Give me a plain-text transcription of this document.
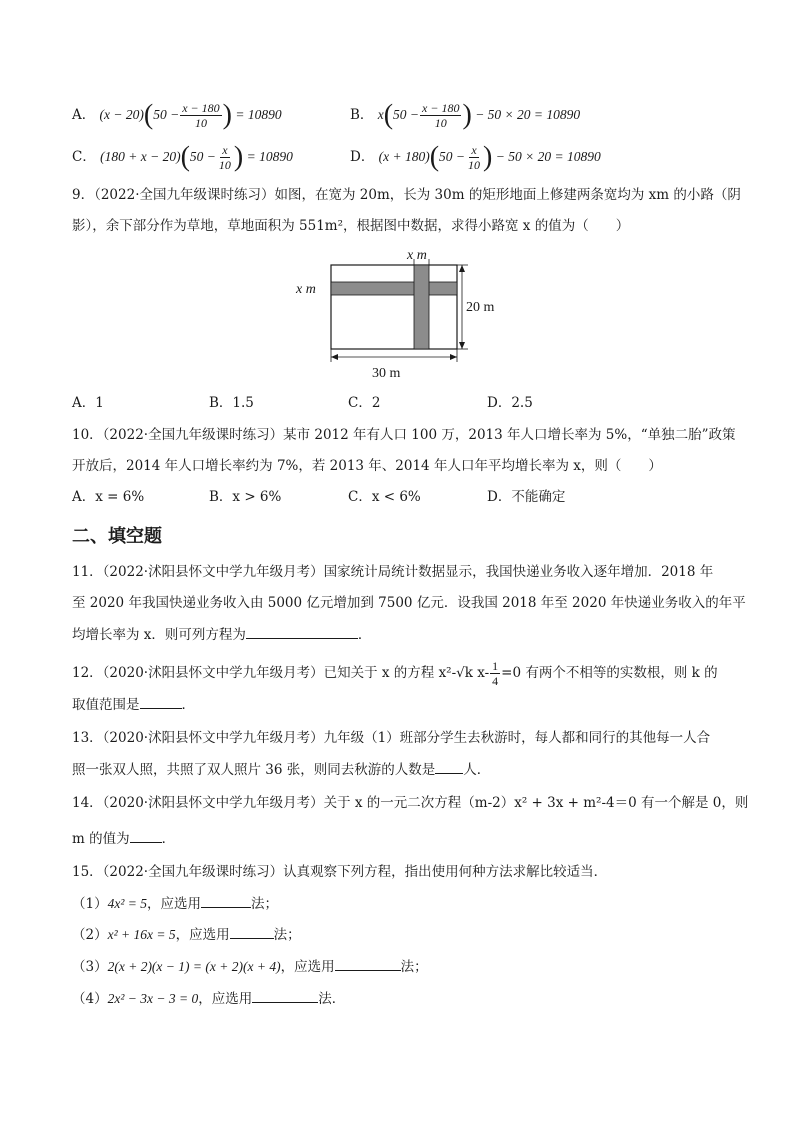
A． $(x - 20)(50 - \frac{x - 180}{10}$ ) = 10890	B． $x(50 - \frac{x - 180}{10}$ ) − 50 × 20 = 10890
C． $(180 + x - 20)(50 - \frac{x}{10}$ ) = 10890	D． $(x + 180)(50 - \frac{x}{10}$ ) − 50 × 20 = 10890
9．（2022·全国九年级课时练习）如图，在宽为 20m，长为 30m 的矩形地面上修建两条宽均为 xm 的小路（阴
影），余下部分作为草地，草地面积为 551m²，根据图中数据，求得小路宽 x 的值为（　　）
x m
x m
20 m
30 m
A．1	B．1.5	C．2	D．2.5
10．（2022·全国九年级课时练习）某市 2012 年有人口 100 万，2013 年人口增长率为 5%，“单独二胎”政策
开放后，2014 年人口增长率约为 7%，若 2013 年、2014 年人口年平均增长率为 x，则（　　）
A．x = 6%	B．x > 6%	C．x < 6%	D．不能确定
二、填空题
11．（2022·沭阳县怀文中学九年级月考）国家统计局统计数据显示，我国快递业务收入逐年增加．2018 年
至 2020 年我国快递业务收入由 5000 亿元增加到 7500 亿元．设我国 2018 年至 2020 年快递业务收入的年平
均增长率为 x．则可列方程为	．
12．（2020·沭阳县怀文中学九年级月考）已知关于 x 的方程 x²-√k $x- \frac{1}{4} =0$ 有两个不相等的实数根，则 k 的
取值范围是	．
13．（2020·沭阳县怀文中学九年级月考）九年级（1）班部分学生去秋游时，每人都和同行的其他每一人合
照一张双人照，共照了双人照片 36 张，则同去秋游的人数是 人．
14．（2020·沭阳县怀文中学九年级月考）关于 x 的一元二次方程（m-2）x² + 3x + m²-4＝0 有一个解是 0，则
m 的值为 ．
15．（2022·全国九年级课时练习）认真观察下列方程，指出使用何种方法求解比较适当．
（1）4x² = 5，应选用	法；
（2）x² + 16x = 5，应选用	法；
（3）2(x + 2)(x − 1) = (x + 2)(x + 4)，应选用	法；
（4）2x² − 3x − 3 = 0，应选用	法．
